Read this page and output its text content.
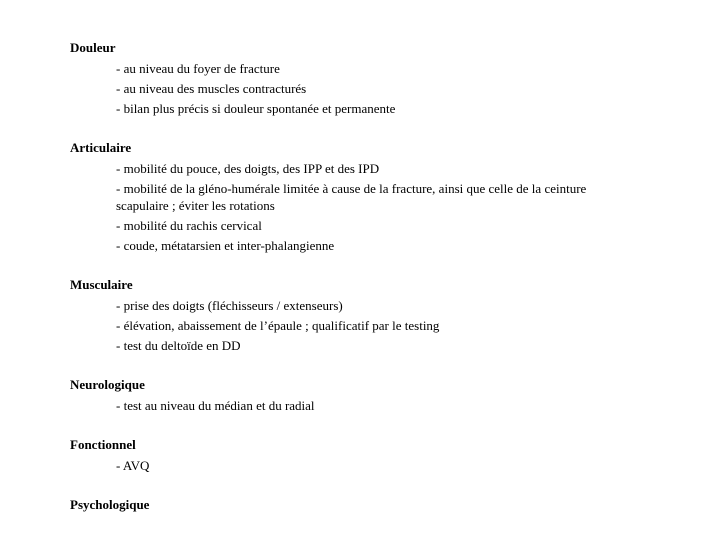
Douleur
- au niveau du foyer de fracture
- au niveau des muscles contracturés
- bilan plus précis si douleur spontanée et permanente
Articulaire
- mobilité du pouce, des doigts, des IPP et des IPD
- mobilité de la gléno-humérale limitée à cause de la fracture, ainsi que celle de la ceinture scapulaire ; éviter les rotations
- mobilité du rachis cervical
- coude, métatarsien et inter-phalangienne
Musculaire
- prise des doigts (fléchisseurs / extenseurs)
- élévation, abaissement de l’épaule ; qualificatif par le testing
- test du deltoïde en DD
Neurologique
- test au niveau du médian et du radial
Fonctionnel
- AVQ
Psychologique
